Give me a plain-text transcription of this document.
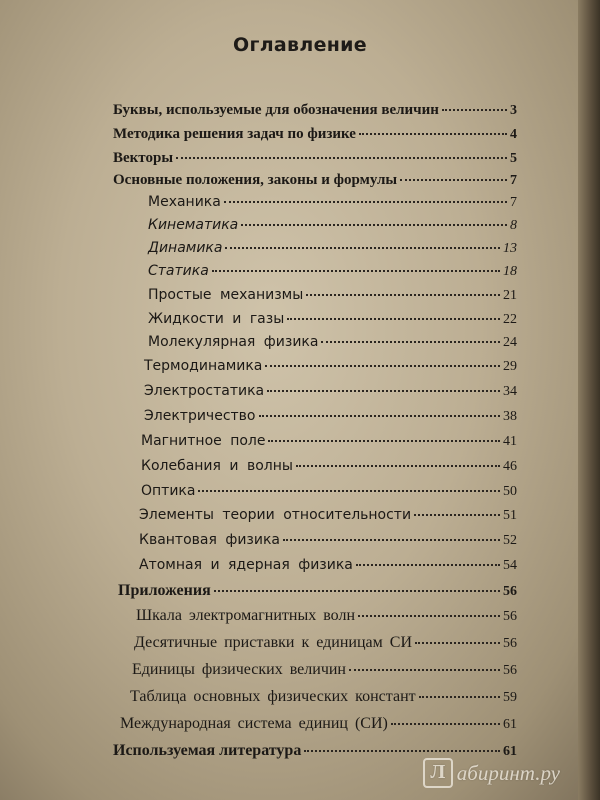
Оглавление
Буквы, используемые для обозначения величин	3
Методика решения задач по физике	4
Векторы	5
Основные положения, законы и формулы	7
Механика	7
Кинематика	8
Динамика	13
Статика	18
Простые механизмы	21
Жидкости и газы	22
Молекулярная физика	24
Термодинамика	29
Электростатика	34
Электричество	38
Магнитное поле	41
Колебания и волны	46
Оптика	50
Элементы теории относительности	51
Квантовая физика	52
Атомная и ядерная физика	54
Приложения	56
Шкала электромагнитных волн	56
Десятичные приставки к единицам СИ	56
Единицы физических величин	56
Таблица основных физических констант	59
Международная система единиц (СИ)	61
Используемая литература	61
Л абиринт.ру
